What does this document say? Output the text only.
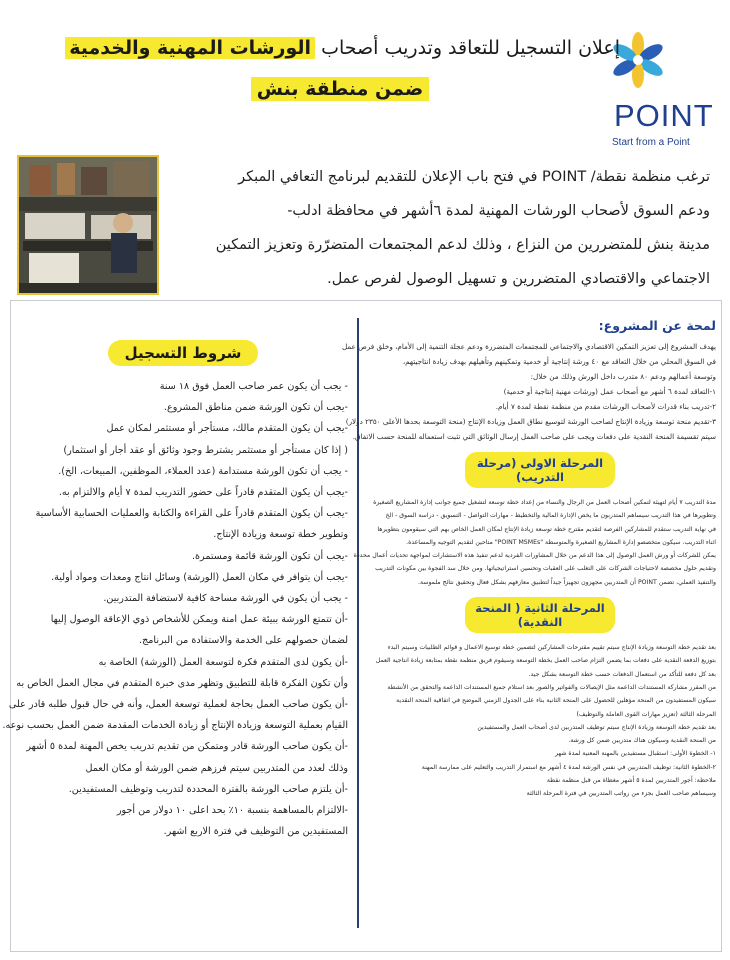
POINT
Start from a Point
إعلان التسجيل للتعاقد وتدريب أصحاب الورشات المهنية والخدمية
ضمن منطقة بنش
ترغب منظمة نقطة/ POINT في فتح باب الإعلان للتقديم لبرنامج التعافي المبكر
ودعم السوق لأصحاب الورشات المهنية لمدة ٦أشهر في محافظة ادلب-
مدينة بنش للمتضررين من النزاع ، وذلك لدعم المجتمعات المتضرّرة وتعزيز التمكين
الاجتماعي والاقتصادي المتضررين و تسهيل الوصول لفرص عمل.
لمحة عن المشروع:
يهدف المشروع إلى تعزيز التمكين الاقتصادي والاجتماعي للمجتمعات المتضررة ودعم عجلة التنمية إلى الأمام، وخلق فرص عمل
في السوق المحلي من خلال التعاقد مع ٤٠ ورشة إنتاجية أو خدمية وتمكينهم وتأهيلهم بهدف زيادة انتاجيتهم،
وتوسعة أعمالهم ودعم ٨٠ متدرب داخل الورش وذلك من خلال:
١-التعاقد لمدة ٦ أشهر مع أصحاب عمل (ورشات مهنية إنتاجية أو خدمية)
٢-تدريب بناء قدرات لأصحاب الورشات مقدم من منظمة نقطة لمدة ٧ أيام.
٣-تقديم منحة توسعة وزيادة الإنتاج لصاحب الورشة لتوسيع نطاق العمل وزيادة الإنتاج (منحة التوسعة بحدها الأعلى ٢٣٥٠ دولار)
سيتم تقسيمة المنحة النقدية على دفعات ويجب على صاحب العمل إرسال الوثائق التي تثبت استعماله للمنحة حسب الاتفاق.
المرحلة الاولى (مرحلة التدريب)
مدة التدريب ٧ أيام لتهيئة لتمكين أصحاب العمل من الرجال والنساء من إعداد خطة توسعة لتشغيل جميع جوانب إدارة المشاريع الصغيرة
وتطويرها في هذا التدريب سيساهم المتدربون ما يخص الإدارة المالية والتخطيط - مهارات التواصل - التسويق - دراسة السوق - الخ
في نهاية التدريب ستقدم للمشاركين الفرصة لتقديم مقترح خطة توسعة زيادة الإنتاج لمكان العمل الخاص بهم التي سيقومون بتطويرها
اثناء التدريب. سيكون متخصصو إدارة المشاريع الصغيرة والمتوسطة "POINT MSMEs" متاحين لتقديم التوجيه والمساعدة.
يمكن للشركات أو ورش العمل الوصول إلى هذا الدعم من خلال المشاورات الفردية لدعم تنفيذ هذه الاستشارات لمواجهة تحديات أعمال محددة
وتقديم حلول مخصصة لاحتياجات الشركات على التغلب على العقبات وتحسين استراتيجياتها. ومن خلال سد الفجوة بين مكونات التدريب
والتنفيذ العملي، تضمن POINT أن المتدربين مجهزون تجهيزاً جيداً لتطبيق معارفهم بشكل فعال وتحقيق نتائج ملموسة.
المرحلة الثانية ( المنحة النقدية)
بعد تقديم خطة التوسعة وزيادة الإنتاج سيتم تقييم مقترحات المشاركين لتضمين خطة توسيع الاعمال و قوائم الطلبيات وسيتم البدء
بتوزيع الدفعة النقدية على دفعات بما يضمن التزام صاحب العمل بخطة التوسعة وسيقوم فريق منظمة نقطة بمتابعة زيادة انتاجية العمل
بعد كل دفعة للتأكد من استعمال الدفعات حسب خطة التوسعة بشكل جيد.
من المقرر مشاركة المستندات الداعمة مثل الإيصالات والفواتير والصور بعد استلام جميع المستندات الداعمة والتحقق من الأنشطة
سيكون المستفيدون من المنحة مؤهلين للحصول على المنحة الثانية بناء على الجدول الزمني الموضح في اتفاقية المنحة النقدية
المرحلة الثالثة (تعزيز مهارات القوى العاملة والتوظيف)
بعد تقديم خطة التوسعة وزيادة الإنتاج سيتم توظيف المتدربين لدى أصحاب العمل والمستفيدين
من المنحة النقدية وسيكون هناك متدربين ضمن كل ورشة.
١- الخطوة الأولى: استقبال مستفيدين بالمهنة المعنية لمدة شهر
٢-الخطوة الثانية: توظيف المتدربين في نفس الورشة لمدة ٤ أشهر مع استمرار التدريب والتعليم على ممارسة المهنة
ملاحظة: أجور المتدربين لمدة ٥ أشهر مغطاة من قبل منظمة نقطة
وسيساهم صاحب العمل بجزء من رواتب المتدربين في فترة المرحلة الثالثة
شروط التسجيل
- يجب أن يكون عمر صاحب العمل فوق ١٨ سنة
-يجب أن تكون الورشة ضمن مناطق المشروع.
-يجب أن يكون المتقدم مالك، مستأجر أو مستثمر لمكان عمل
( إذا كان مستأجر أو مستثمر يشترط وجود وثائق أو عقد أجار أو استثمار)
- يجب أن تكون الورشة مستدامة (عدد العملاء، الموظفين، المبيعات، الخ).
-يجب أن يكون المتقدم قادراً على حضور التدريب لمدة ٧ أيام والالتزام به.
-يجب أن يكون المتقدم قادراً على القراءة والكتابة والعمليات الحسابية الأساسية
وتطوير خطة توسعة وزيادة الإنتاج.
-يجب أن تكون الورشة قائمة ومستمرة.
-يجب أن يتوافر في مكان العمل (الورشة) وسائل انتاج ومعدات ومواد أولية.
- يجب أن يكون في الورشة مساحة كافية لاستضافة المتدربين.
-أن تتمتع الورشة ببيئة عمل امنة ويمكن للأشخاص ذوي الإعاقة الوصول إليها
لضمان حصولهم على الخدمة والاستفادة من البرنامج.
-أن يكون لدى المتقدم فكرة لتوسعة العمل (الورشة) الخاصة به
وأن تكون الفكرة قابلة للتطبيق وتظهر مدى خبرة المتقدم في مجال العمل الخاص به
-أن يكون صاحب العمل بحاجة لعملية توسعة العمل، وأنه في حال قبول طلبه قادر على
القيام بعملية التوسعة وزيادة الإنتاج أو زيادة الخدمات المقدمة ضمن العمل بحسب نوعه.
-أن يكون صاحب الورشة قادر ومتمكن من تقديم تدريب يخص المهنة لمدة ٥ أشهر
وذلك لعدد من المتدربين سيتم فرزهم ضمن الورشة أو مكان العمل
-أن يلتزم صاحب الورشة بالفترة المحددة لتدريب وتوظيف المستفيدين.
-الالتزام بالمساهمة بنسبة ١٠٪ بحد اعلى ١٠ دولار من أجور
المستفيدين من التوظيف في فترة الاربع اشهر.
